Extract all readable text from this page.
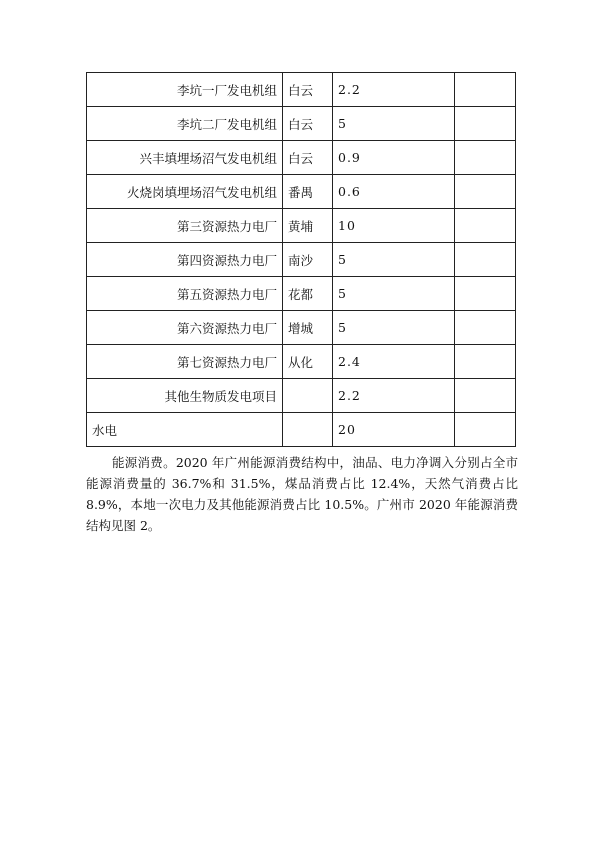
李坑一厂发电机组	白云	2.2	
李坑二厂发电机组	白云	5	
兴丰填埋场沼气发电机组	白云	0.9	
火烧岗填埋场沼气发电机组	番禺	0.6	
第三资源热力电厂	黄埔	10	
第四资源热力电厂	南沙	5	
第五资源热力电厂	花都	5	
第六资源热力电厂	增城	5	
第七资源热力电厂	从化	2.4	
其他生物质发电项目		2.2	
水电		20	

能源消费。2020 年广州能源消费结构中，油品、电力净调入分别占全市能源消费量的 36.7%和 31.5%，煤品消费占比 12.4%，天然气消费占比 8.9%，本地一次电力及其他能源消费占比 10.5%。广州市 2020 年能源消费结构见图 2。
